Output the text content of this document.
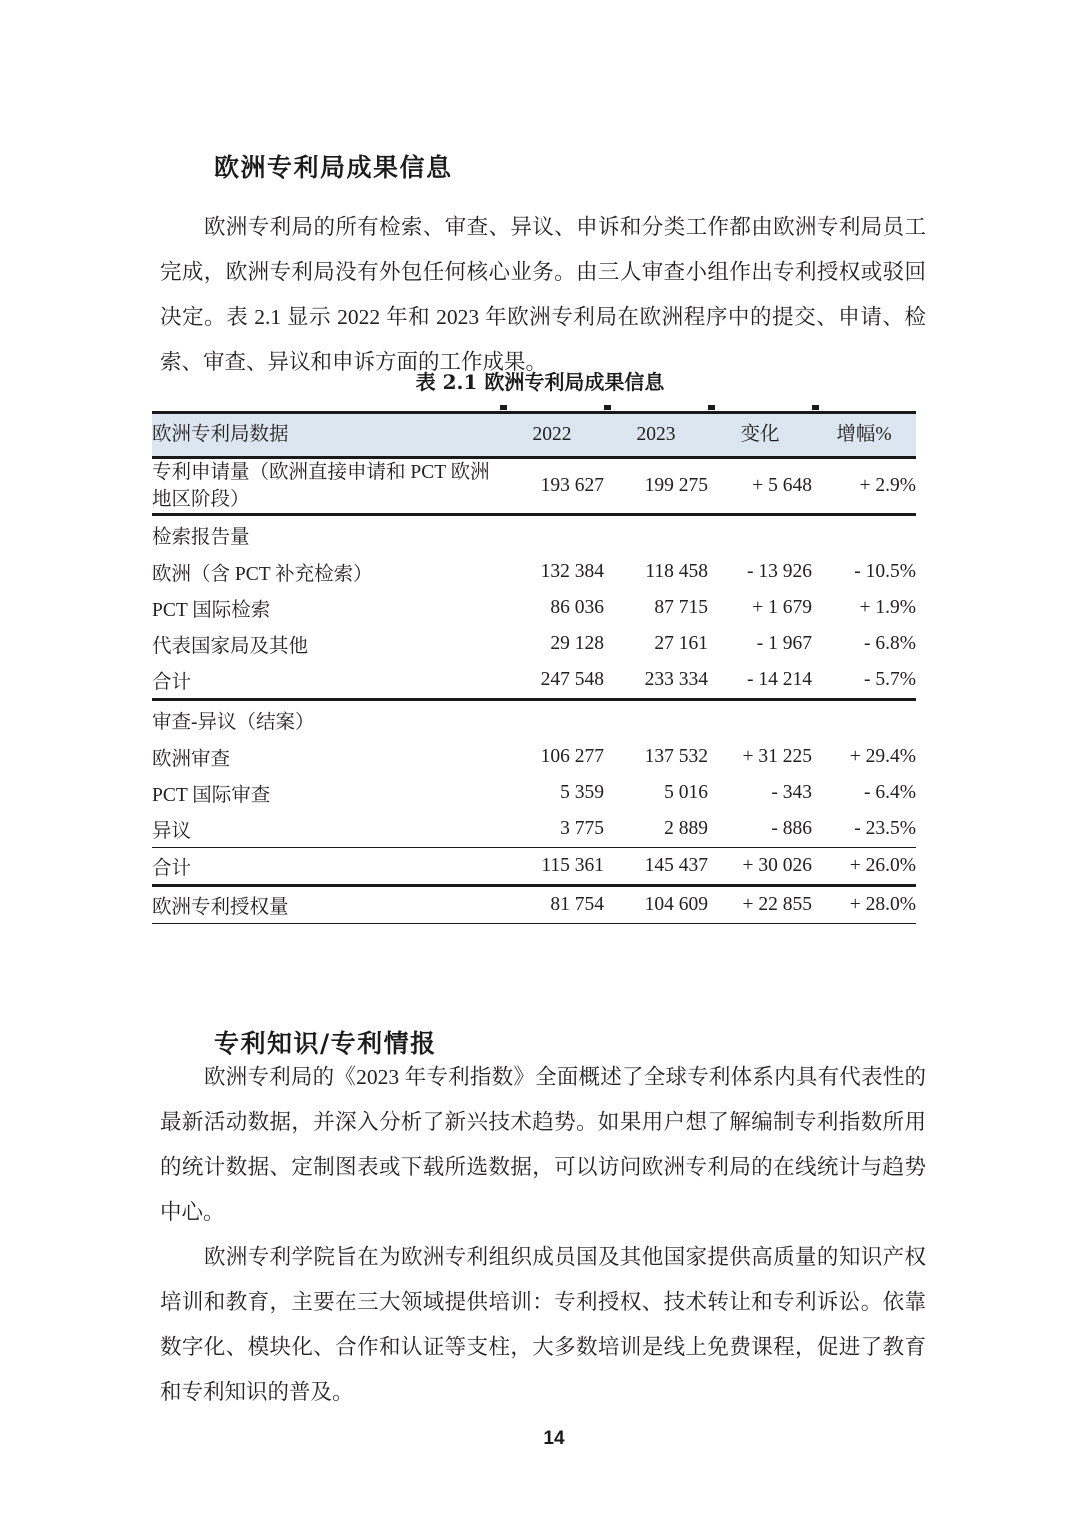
欧洲专利局成果信息

欧洲专利局的所有检索、审查、异议、申诉和分类工作都由欧洲专利局员工完成，欧洲专利局没有外包任何核心业务。由三人审查小组作出专利授权或驳回决定。表 2.1 显示 2022 年和 2023 年欧洲专利局在欧洲程序中的提交、申请、检索、审查、异议和申诉方面的工作成果。

表 2.1 欧洲专利局成果信息
欧洲专利局数据	2022	2023	变化	增幅%
专利申请量（欧洲直接申请和 PCT 欧洲地区阶段）	193 627	199 275	+ 5 648	+ 2.9%
检索报告量				
欧洲（含 PCT 补充检索）	132 384	118 458	- 13 926	- 10.5%
PCT 国际检索	86 036	87 715	+ 1 679	+ 1.9%
代表国家局及其他	29 128	27 161	- 1 967	- 6.8%
合计	247 548	233 334	- 14 214	- 5.7%
审查-异议（结案）				
欧洲审查	106 277	137 532	+ 31 225	+ 29.4%
PCT 国际审查	5 359	5 016	- 343	- 6.4%
异议	3 775	2 889	- 886	- 23.5%
合计	115 361	145 437	+ 30 026	+ 26.0%
欧洲专利授权量	81 754	104 609	+ 22 855	+ 28.0%
专利知识/专利情报

欧洲专利局的《2023 年专利指数》全面概述了全球专利体系内具有代表性的最新活动数据，并深入分析了新兴技术趋势。如果用户想了解编制专利指数所用的统计数据、定制图表或下载所选数据，可以访问欧洲专利局的在线统计与趋势中心。

欧洲专利学院旨在为欧洲专利组织成员国及其他国家提供高质量的知识产权培训和教育，主要在三大领域提供培训：专利授权、技术转让和专利诉讼。依靠数字化、模块化、合作和认证等支柱，大多数培训是线上免费课程，促进了教育和专利知识的普及。

14
